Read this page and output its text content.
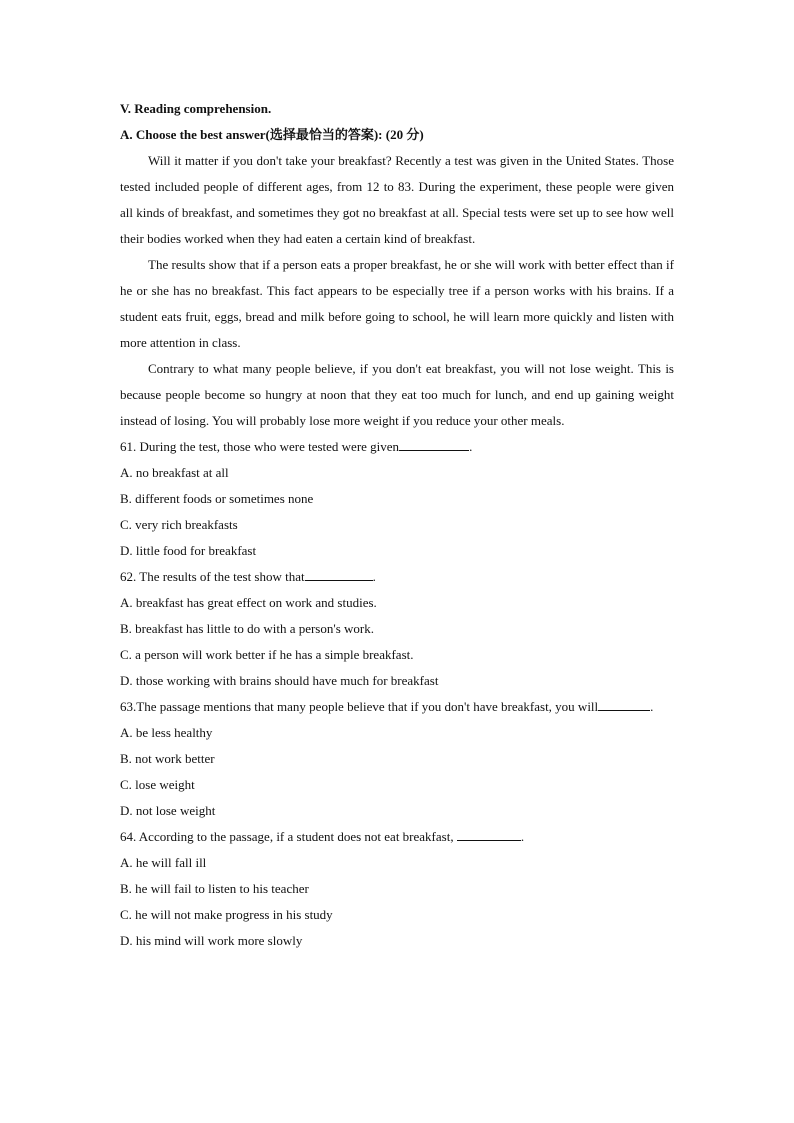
V. Reading comprehension.
A. Choose the best answer(选择最恰当的答案): (20 分)

Will it matter if you don't take your breakfast? Recently a test was given in the United States. Those tested included people of different ages, from 12 to 83. During the experiment, these people were given all kinds of breakfast, and sometimes they got no breakfast at all. Special tests were set up to see how well their bodies worked when they had eaten a certain kind of breakfast.

The results show that if a person eats a proper breakfast, he or she will work with better effect than if he or she has no breakfast. This fact appears to be especially tree if a person works with his brains. If a student eats fruit, eggs, bread and milk before going to school, he will learn more quickly and listen with more attention in class.

Contrary to what many people believe, if you don't eat breakfast, you will not lose weight. This is because people become so hungry at noon that they eat too much for lunch, and end up gaining weight instead of losing. You will probably lose more weight if you reduce your other meals.

61. During the test, those who were tested were given	.
A. no breakfast at all
B. different foods or sometimes none
C. very rich breakfasts
D. little food for breakfast
62. The results of the test show that	.
A. breakfast has great effect on work and studies.
B. breakfast has little to do with a person's work.
C. a person will work better if he has a simple breakfast.
D. those working with brains should have much for breakfast
63.The passage mentions that many people believe that if you don't have breakfast, you will	.
A. be less healthy
B. not work better
C. lose weight
D. not lose weight
64. According to the passage, if a student does not eat breakfast,	.
A. he will fall ill
B. he will fail to listen to his teacher
C. he will not make progress in his study
D. his mind will work more slowly
